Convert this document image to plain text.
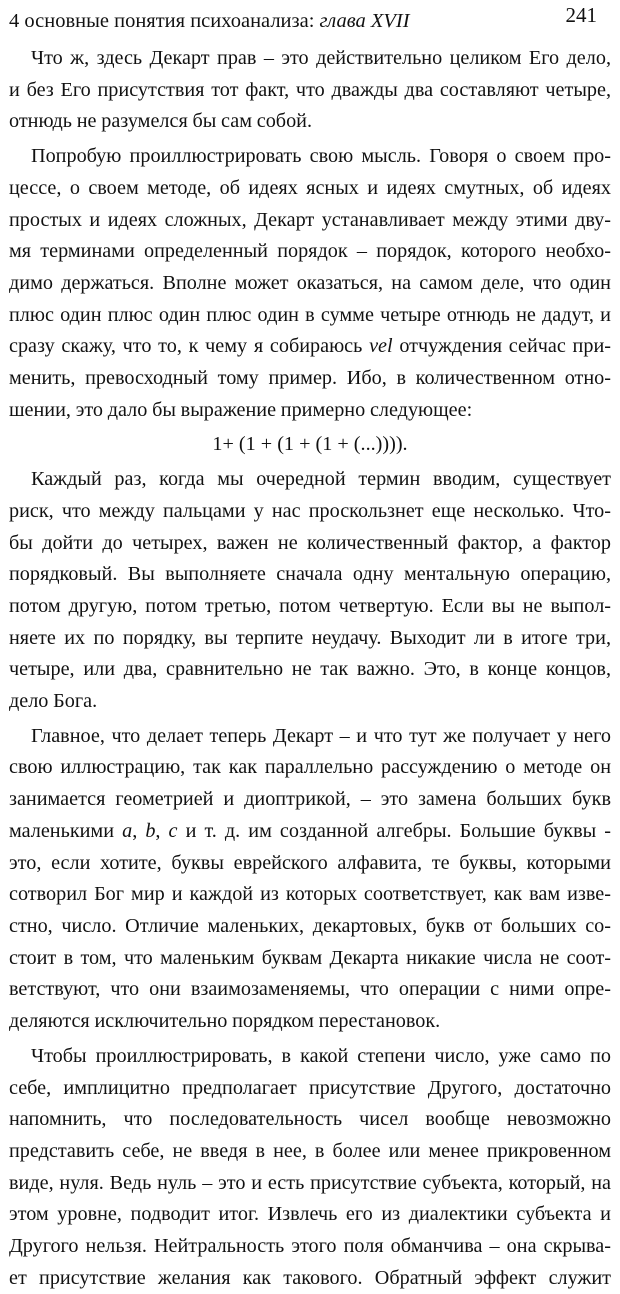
4 основные понятия психоанализа: глава XVII	241
Что ж, здесь Декарт прав – это действительно целиком Его дело,
и без Его присутствия тот факт, что дважды два составляют четыре,
отнюдь не разумелся бы сам собой.
Попробую проиллюстрировать свою мысль. Говоря о своем про-
цессе, о своем методе, об идеях ясных и идеях смутных, об идеях
простых и идеях сложных, Декарт устанавливает между этими дву-
мя терминами определенный порядок – порядок, которого необхо-
димо держаться. Вполне может оказаться, на самом деле, что один
плюс один плюс один плюс один в сумме четыре отнюдь не дадут, и
сразу скажу, что то, к чему я собираюсь vel отчуждения сейчас при-
менить, превосходный тому пример. Ибо, в количественном отно-
шении, это дало бы выражение примерно следующее:
1+ (1 + (1 + (1 + (...)))).
Каждый раз, когда мы очередной термин вводим, существует
риск, что между пальцами у нас проскользнет еще несколько. Что-
бы дойти до четырех, важен не количественный фактор, а фактор
порядковый. Вы выполняете сначала одну ментальную операцию,
потом другую, потом третью, потом четвертую. Если вы не выпол-
няете их по порядку, вы терпите неудачу. Выходит ли в итоге три,
четыре, или два, сравнительно не так важно. Это, в конце концов,
дело Бога.
Главное, что делает теперь Декарт – и что тут же получает у него
свою иллюстрацию, так как параллельно рассуждению о методе он
занимается геометрией и диоптрикой, – это замена больших букв
маленькими a, b, c и т. д. им созданной алгебры. Большие буквы -
это, если хотите, буквы еврейского алфавита, те буквы, которыми
сотворил Бог мир и каждой из которых соответствует, как вам изве-
стно, число. Отличие маленьких, декартовых, букв от больших со-
стоит в том, что маленьким буквам Декарта никакие числа не соот-
ветствуют, что они взаимозаменяемы, что операции с ними опре-
деляются исключительно порядком перестановок.
Чтобы проиллюстрировать, в какой степени число, уже само по
себе, имплицитно предполагает присутствие Другого, достаточно
напомнить, что последовательность чисел вообще невозможно
представить себе, не введя в нее, в более или менее прикровенном
виде, нуля. Ведь нуль – это и есть присутствие субъекта, который, на
этом уровне, подводит итог. Извлечь его из диалектики субъекта и
Другого нельзя. Нейтральность этого поля обманчива – она скрыва-
ет присутствие желания как такового. Обратный эффект служит
